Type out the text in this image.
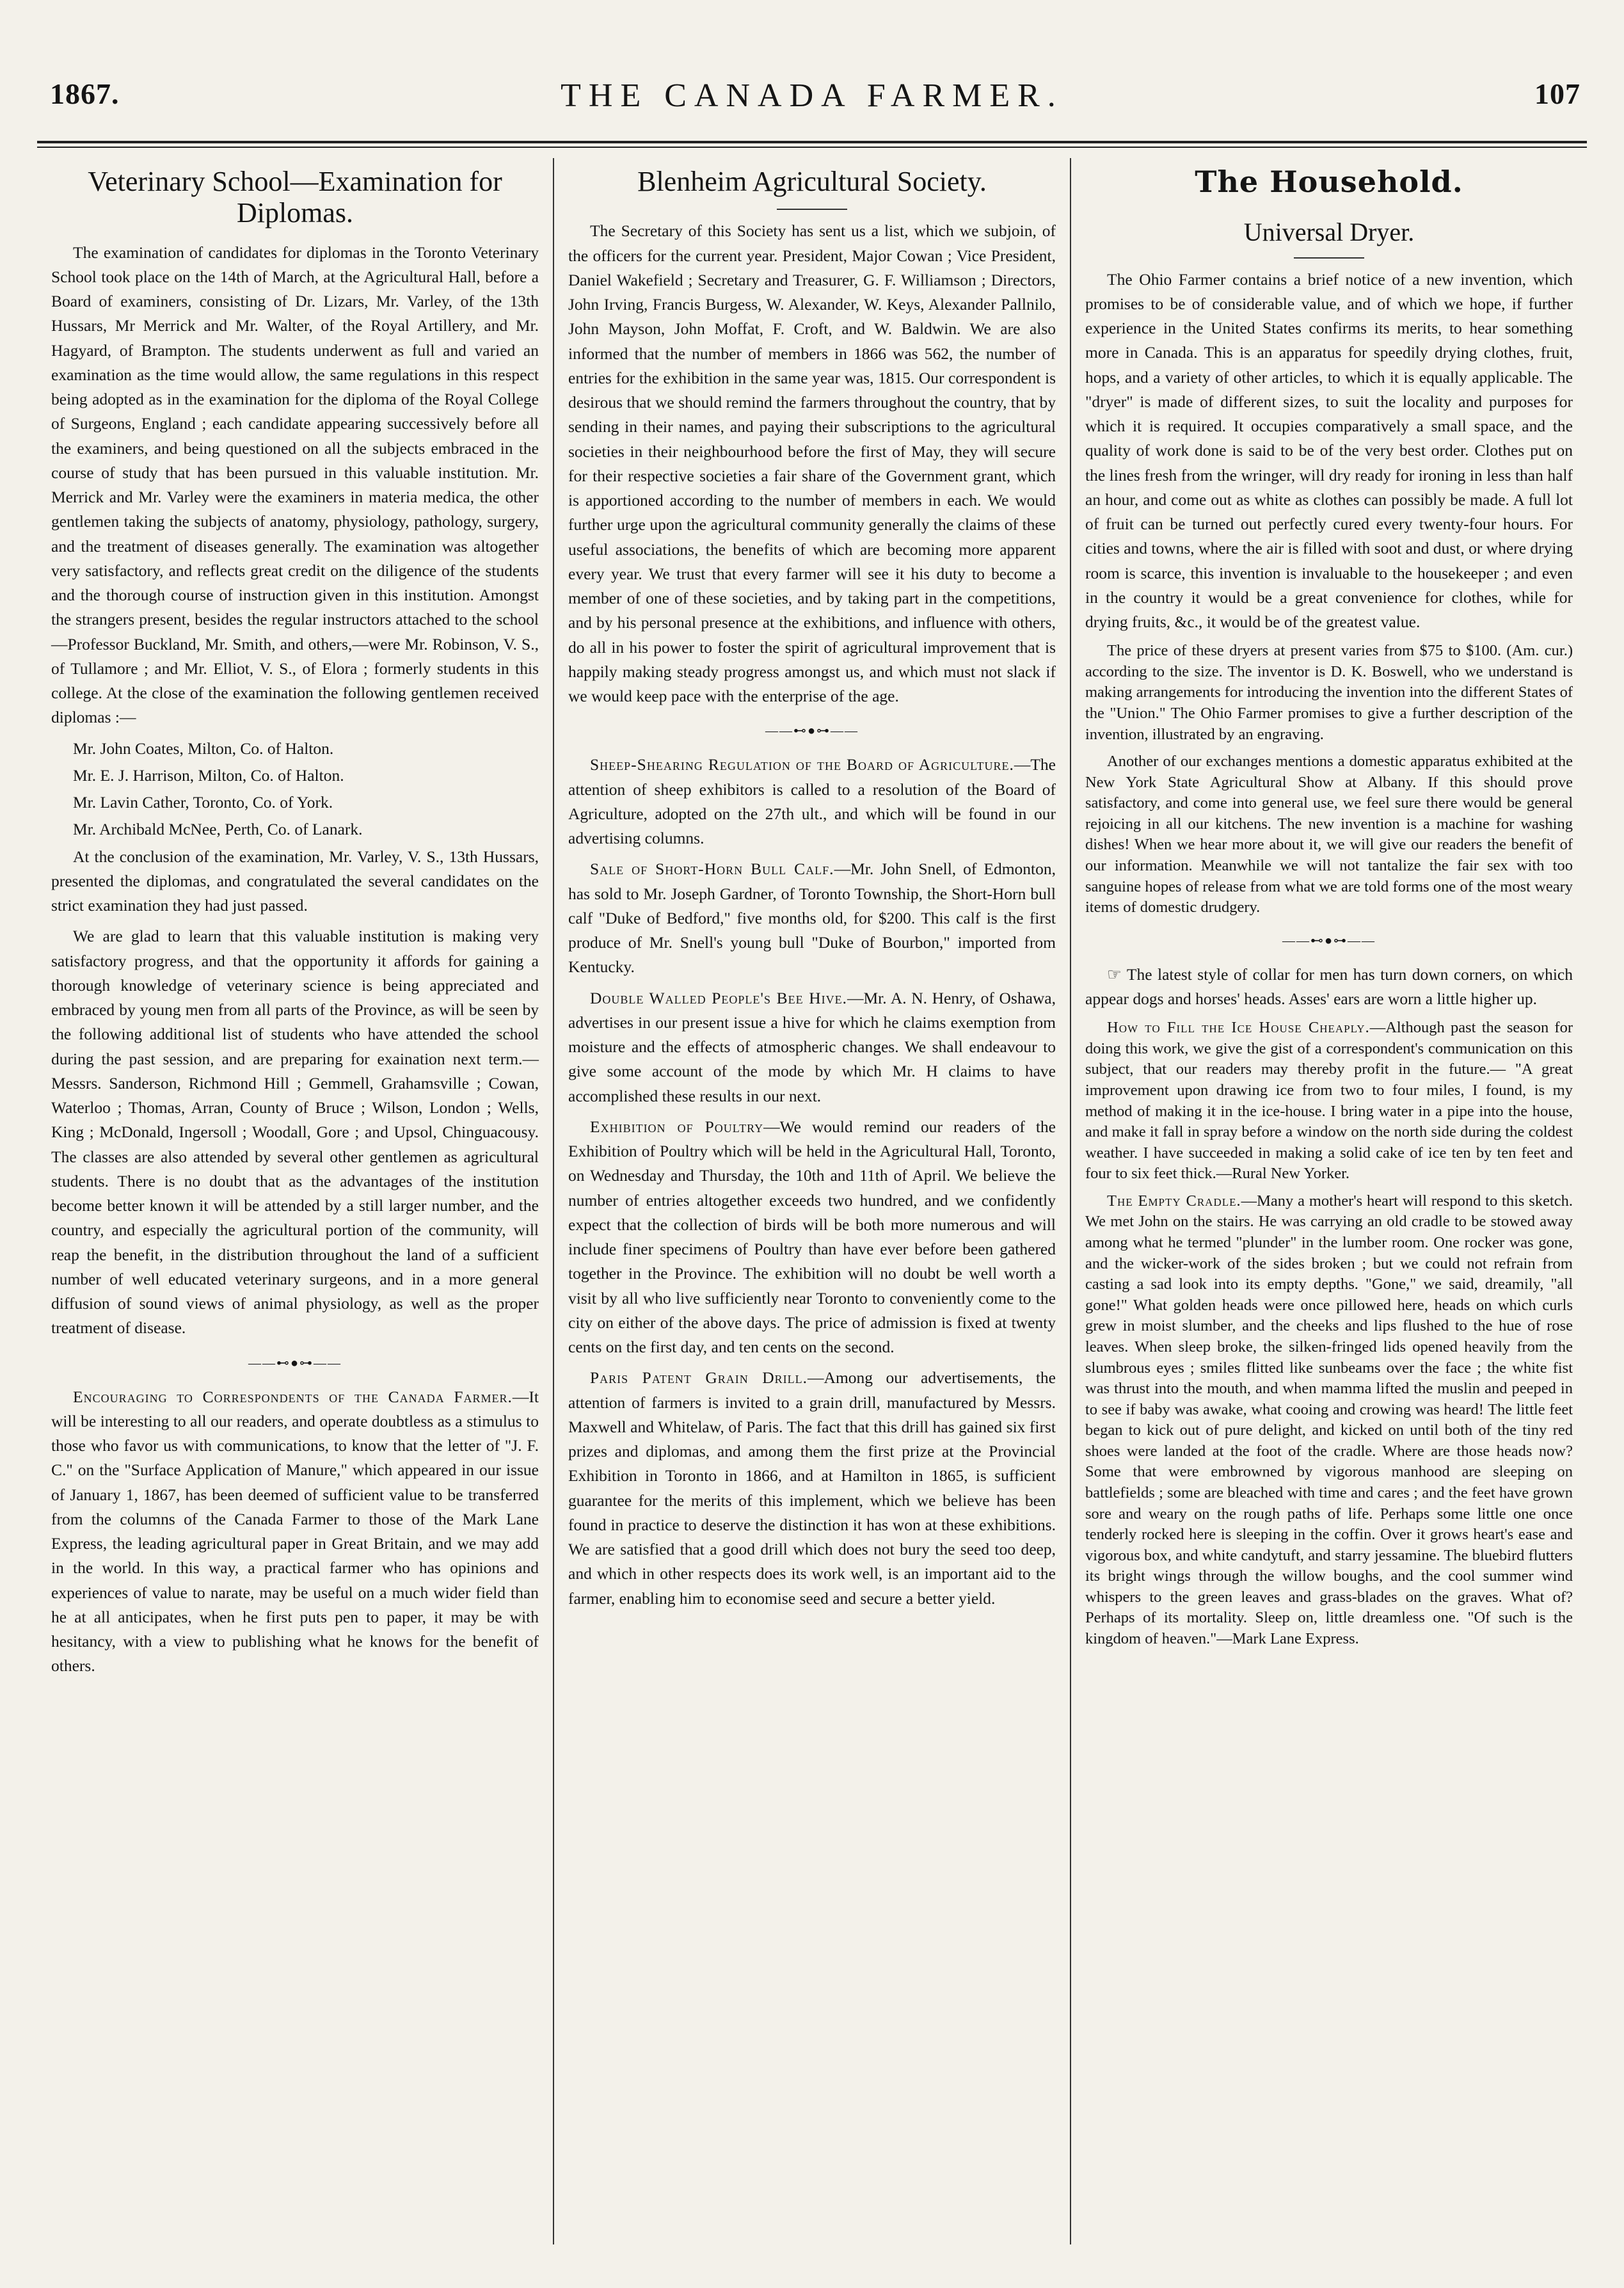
1867.	THE CANADA FARMER.	107
Veterinary School—Examination for Diplomas.

The examination of candidates for diplomas in the Toronto Veterinary School took place on the 14th of March, at the Agricultural Hall, before a Board of examiners, consisting of Dr. Lizars, Mr. Varley, of the 13th Hussars, Mr Merrick and Mr. Walter, of the Royal Artillery, and Mr. Hagyard, of Brampton. The students underwent as full and varied an examination as the time would allow, the same regulations in this respect being adopted as in the examination for the diploma of the Royal College of Surgeons, England ; each candidate appearing successively before all the examiners, and being questioned on all the subjects embraced in the course of study that has been pursued in this valuable institution. Mr. Merrick and Mr. Varley were the examiners in materia medica, the other gentlemen taking the subjects of anatomy, physiology, pathology, surgery, and the treatment of diseases generally. The examination was altogether very satisfactory, and reflects great credit on the diligence of the students and the thorough course of instruction given in this institution. Amongst the strangers present, besides the regular instructors attached to the school—Professor Buckland, Mr. Smith, and others,—were Mr. Robinson, V. S., of Tullamore ; and Mr. Elliot, V. S., of Elora ; formerly students in this college. At the close of the examination the following gentlemen received diplomas :—

Mr. John Coates, Milton, Co. of Halton.

Mr. E. J. Harrison, Milton, Co. of Halton.

Mr. Lavin Cather, Toronto, Co. of York.

Mr. Archibald McNee, Perth, Co. of Lanark.

At the conclusion of the examination, Mr. Varley, V. S., 13th Hussars, presented the diplomas, and congratulated the several candidates on the strict examination they had just passed.

We are glad to learn that this valuable institution is making very satisfactory progress, and that the opportunity it affords for gaining a thorough knowledge of veterinary science is being appreciated and embraced by young men from all parts of the Province, as will be seen by the following additional list of students who have attended the school during the past session, and are preparing for exaination next term.—Messrs. Sanderson, Richmond Hill ; Gemmell, Grahamsville ; Cowan, Waterloo ; Thomas, Arran, County of Bruce ; Wilson, London ; Wells, King ; McDonald, Ingersoll ; Woodall, Gore ; and Upsol, Chinguacousy. The classes are also attended by several other gentlemen as agricultural students. There is no doubt that as the advantages of the institution become better known it will be attended by a still larger number, and the country, and especially the agricultural portion of the community, will reap the benefit, in the distribution throughout the land of a sufficient number of well educated veterinary surgeons, and in a more general diffusion of sound views of animal physiology, as well as the proper treatment of disease.

——⊷●⊶——

Encouraging to Correspondents of the Canada Farmer.—It will be interesting to all our readers, and operate doubtless as a stimulus to those who favor us with communications, to know that the letter of "J. F. C." on the "Surface Application of Manure," which appeared in our issue of January 1, 1867, has been deemed of sufficient value to be transferred from the columns of the Canada Farmer to those of the Mark Lane Express, the leading agricultural paper in Great Britain, and we may add in the world. In this way, a practical farmer who has opinions and experiences of value to narate, may be useful on a much wider field than he at all anticipates, when he first puts pen to paper, it may be with hesitancy, with a view to publishing what he knows for the benefit of others.

Blenheim Agricultural Society.

The Secretary of this Society has sent us a list, which we subjoin, of the officers for the current year. President, Major Cowan ; Vice President, Daniel Wakefield ; Secretary and Treasurer, G. F. Williamson ; Directors, John Irving, Francis Burgess, W. Alexander, W. Keys, Alexander Pallnilo, John Mayson, John Moffat, F. Croft, and W. Baldwin. We are also informed that the number of members in 1866 was 562, the number of entries for the exhibition in the same year was, 1815. Our correspondent is desirous that we should remind the farmers throughout the country, that by sending in their names, and paying their subscriptions to the agricultural societies in their neighbourhood before the first of May, they will secure for their respective societies a fair share of the Government grant, which is apportioned according to the number of members in each. We would further urge upon the agricultural community generally the claims of these useful associations, the benefits of which are becoming more apparent every year. We trust that every farmer will see it his duty to become a member of one of these societies, and by taking part in the competitions, and by his personal presence at the exhibitions, and influence with others, do all in his power to foster the spirit of agricultural improvement that is happily making steady progress amongst us, and which must not slack if we would keep pace with the enterprise of the age.

——⊷●⊶——

Sheep-Shearing Regulation of the Board of Agriculture.—The attention of sheep exhibitors is called to a resolution of the Board of Agriculture, adopted on the 27th ult., and which will be found in our advertising columns.

Sale of Short-Horn Bull Calf.—Mr. John Snell, of Edmonton, has sold to Mr. Joseph Gardner, of Toronto Township, the Short-Horn bull calf "Duke of Bedford," five months old, for $200. This calf is the first produce of Mr. Snell's young bull "Duke of Bourbon," imported from Kentucky.

Double Walled People's Bee Hive.—Mr. A. N. Henry, of Oshawa, advertises in our present issue a hive for which he claims exemption from moisture and the effects of atmospheric changes. We shall endeavour to give some account of the mode by which Mr. H claims to have accomplished these results in our next.

Exhibition of Poultry—We would remind our readers of the Exhibition of Poultry which will be held in the Agricultural Hall, Toronto, on Wednesday and Thursday, the 10th and 11th of April. We believe the number of entries altogether exceeds two hundred, and we confidently expect that the collection of birds will be both more numerous and will include finer specimens of Poultry than have ever before been gathered together in the Province. The exhibition will no doubt be well worth a visit by all who live sufficiently near Toronto to conveniently come to the city on either of the above days. The price of admission is fixed at twenty cents on the first day, and ten cents on the second.

Paris Patent Grain Drill.—Among our advertisements, the attention of farmers is invited to a grain drill, manufactured by Messrs. Maxwell and Whitelaw, of Paris. The fact that this drill has gained six first prizes and diplomas, and among them the first prize at the Provincial Exhibition in Toronto in 1866, and at Hamilton in 1865, is sufficient guarantee for the merits of this implement, which we believe has been found in practice to deserve the distinction it has won at these exhibitions. We are satisfied that a good drill which does not bury the seed too deep, and which in other respects does its work well, is an important aid to the farmer, enabling him to economise seed and secure a better yield.

The Household.
Universal Dryer.

The Ohio Farmer contains a brief notice of a new invention, which promises to be of considerable value, and of which we hope, if further experience in the United States confirms its merits, to hear something more in Canada. This is an apparatus for speedily drying clothes, fruit, hops, and a variety of other articles, to which it is equally applicable. The "dryer" is made of different sizes, to suit the locality and purposes for which it is required. It occupies comparatively a small space, and the quality of work done is said to be of the very best order. Clothes put on the lines fresh from the wringer, will dry ready for ironing in less than half an hour, and come out as white as clothes can possibly be made. A full lot of fruit can be turned out perfectly cured every twenty-four hours. For cities and towns, where the air is filled with soot and dust, or where drying room is scarce, this invention is invaluable to the housekeeper ; and even in the country it would be a great convenience for clothes, while for drying fruits, &c., it would be of the greatest value.

The price of these dryers at present varies from $75 to $100. (Am. cur.) according to the size. The inventor is D. K. Boswell, who we understand is making arrangements for introducing the invention into the different States of the "Union." The Ohio Farmer promises to give a further description of the invention, illustrated by an engraving.

Another of our exchanges mentions a domestic apparatus exhibited at the New York State Agricultural Show at Albany. If this should prove satisfactory, and come into general use, we feel sure there would be general rejoicing in all our kitchens. The new invention is a machine for washing dishes! When we hear more about it, we will give our readers the benefit of our information. Meanwhile we will not tantalize the fair sex with too sanguine hopes of release from what we are told forms one of the most weary items of domestic drudgery.

——⊷●⊶——

☞ The latest style of collar for men has turn down corners, on which appear dogs and horses' heads. Asses' ears are worn a little higher up.

How to Fill the Ice House Cheaply.—Although past the season for doing this work, we give the gist of a correspondent's communication on this subject, that our readers may thereby profit in the future.— "A great improvement upon drawing ice from two to four miles, I found, is my method of making it in the ice-house. I bring water in a pipe into the house, and make it fall in spray before a window on the north side during the coldest weather. I have succeeded in making a solid cake of ice ten by ten feet and four to six feet thick.—Rural New Yorker.

The Empty Cradle.—Many a mother's heart will respond to this sketch. We met John on the stairs. He was carrying an old cradle to be stowed away among what he termed "plunder" in the lumber room. One rocker was gone, and the wicker-work of the sides broken ; but we could not refrain from casting a sad look into its empty depths. "Gone," we said, dreamily, "all gone!" What golden heads were once pillowed here, heads on which curls grew in moist slumber, and the cheeks and lips flushed to the hue of rose leaves. When sleep broke, the silken-fringed lids opened heavily from the slumbrous eyes ; smiles flitted like sunbeams over the face ; the white fist was thrust into the mouth, and when mamma lifted the muslin and peeped in to see if baby was awake, what cooing and crowing was heard! The little feet began to kick out of pure delight, and kicked on until both of the tiny red shoes were landed at the foot of the cradle. Where are those heads now? Some that were embrowned by vigorous manhood are sleeping on battlefields ; some are bleached with time and cares ; and the feet have grown sore and weary on the rough paths of life. Perhaps some little one once tenderly rocked here is sleeping in the coffin. Over it grows heart's ease and vigorous box, and white candytuft, and starry jessamine. The bluebird flutters its bright wings through the willow boughs, and the cool summer wind whispers to the green leaves and grass-blades on the graves. What of? Perhaps of its mortality. Sleep on, little dreamless one. "Of such is the kingdom of heaven."—Mark Lane Express.
